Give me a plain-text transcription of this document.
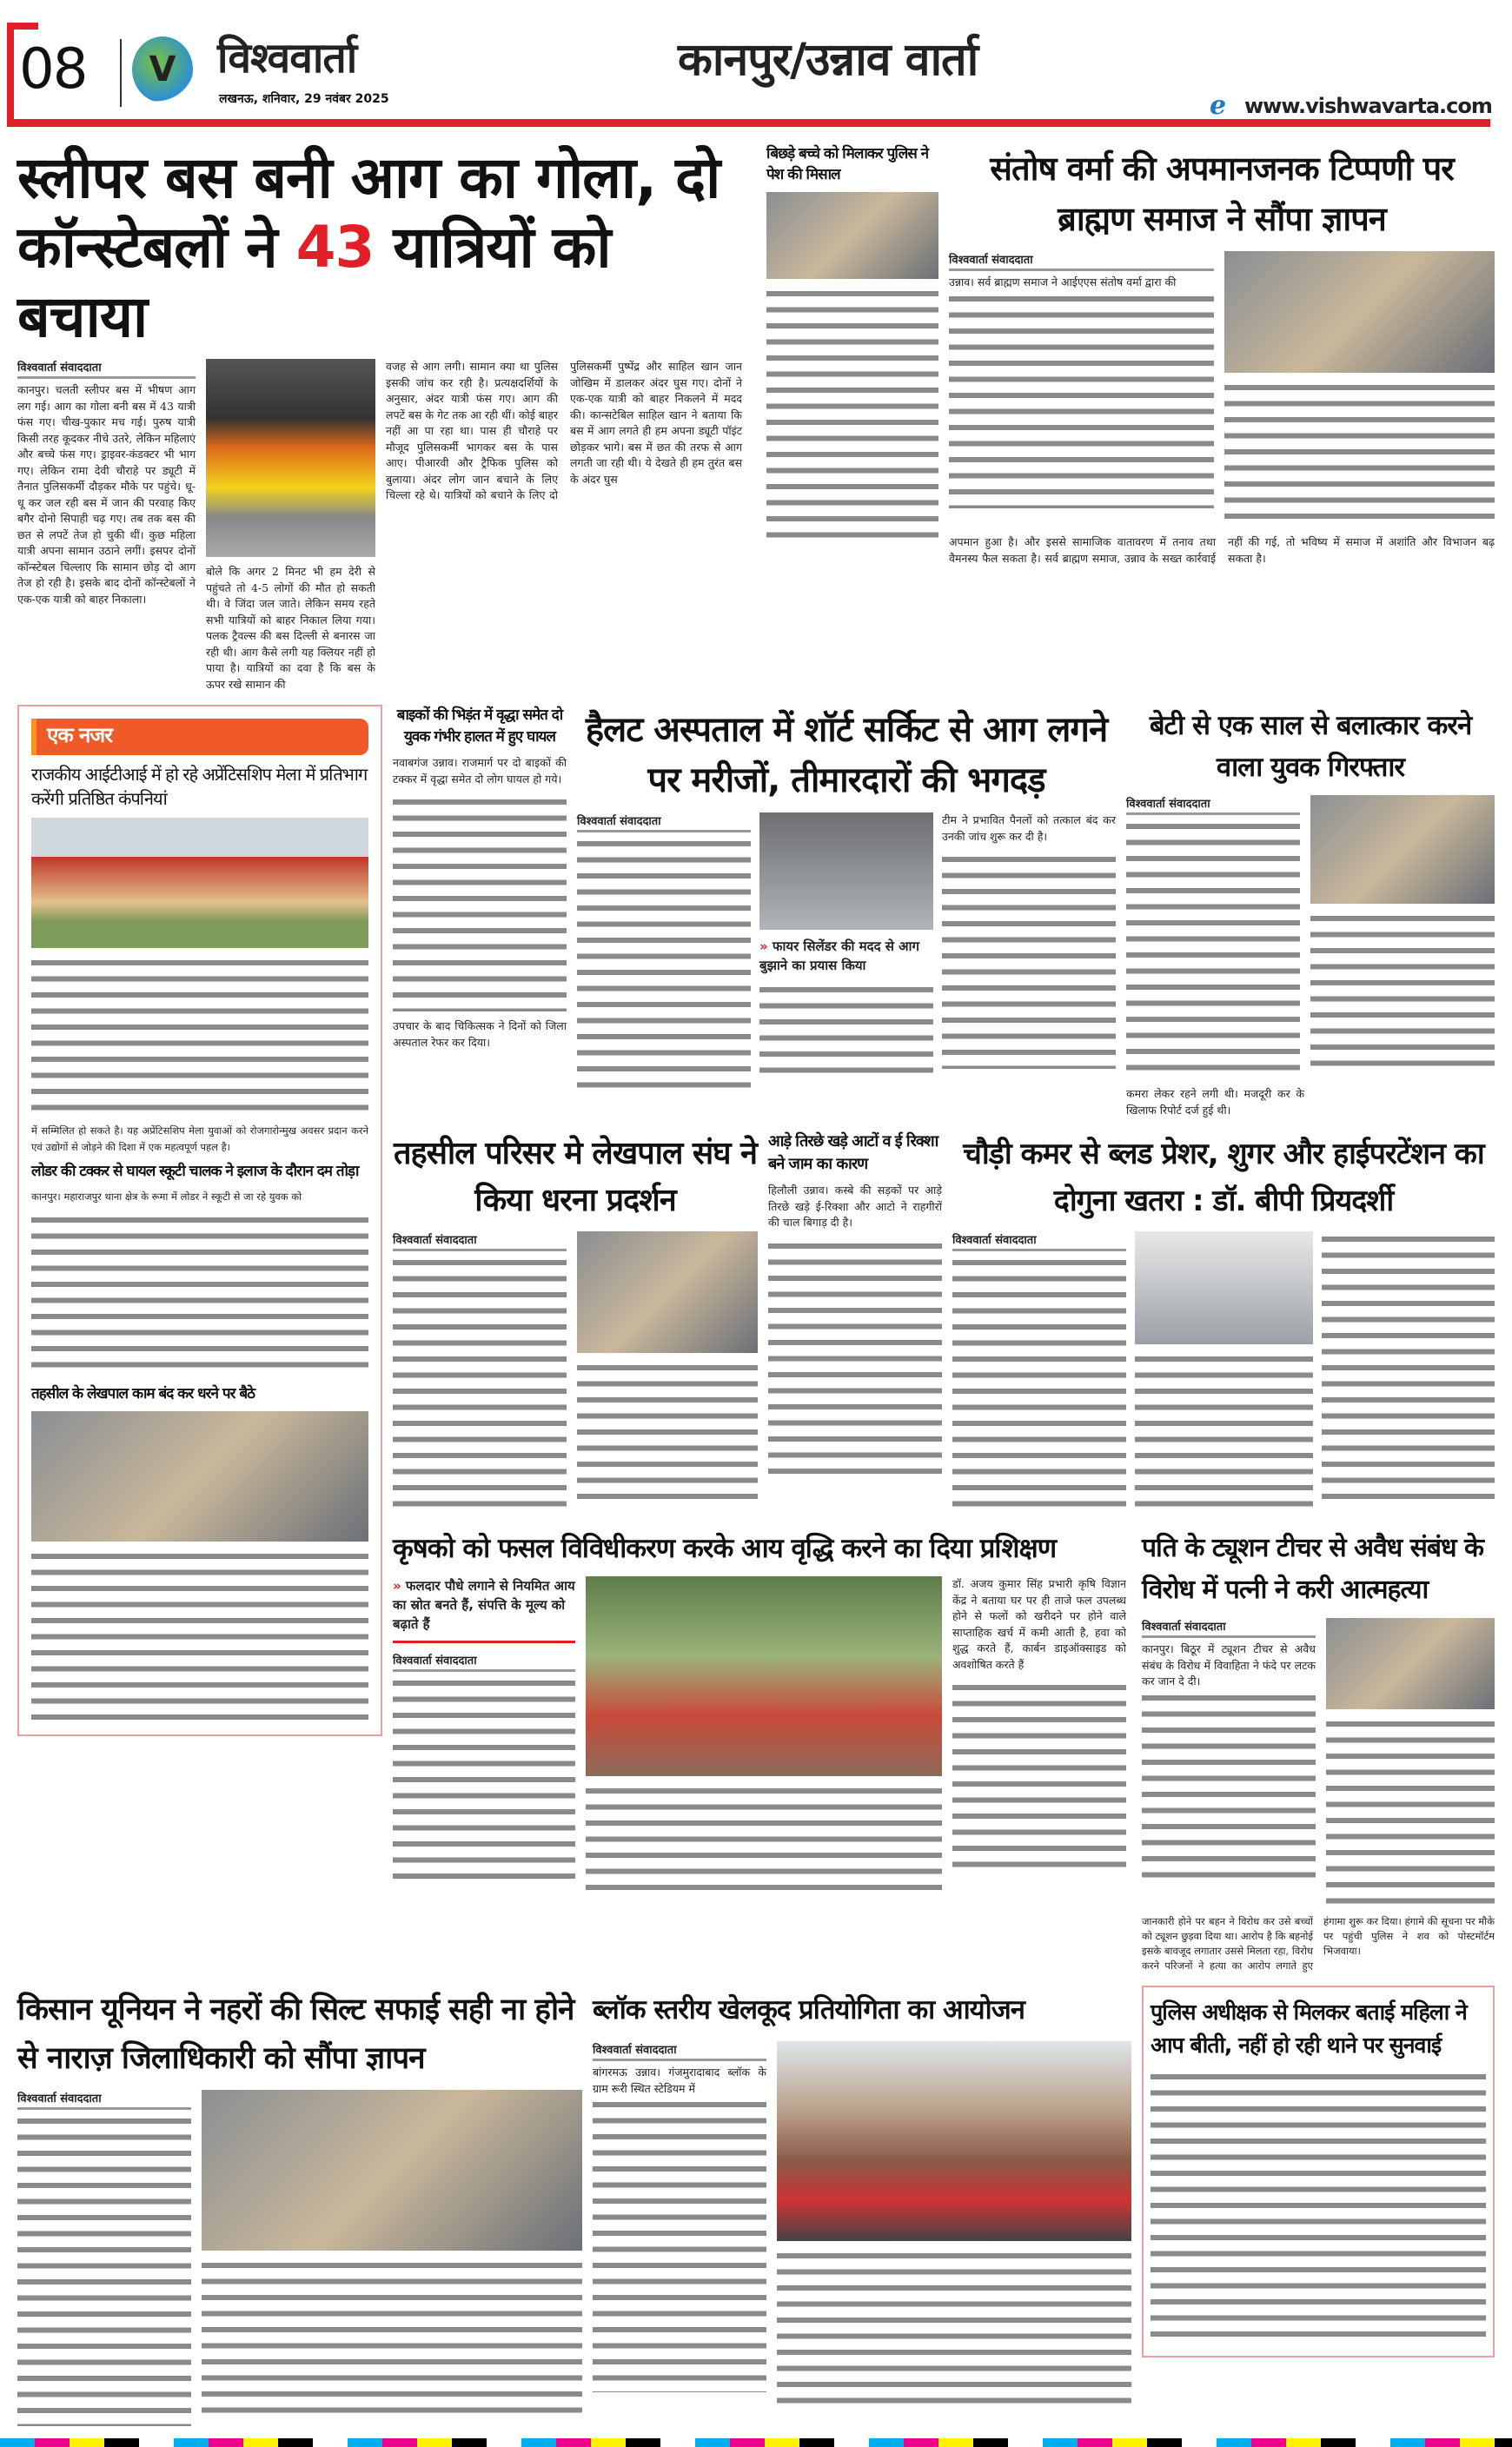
08	V विश्ववार्ता
लखनऊ, शनिवार, 29 नवंबर 2025
कानपुर/उन्नाव वार्ता
e www.vishwavarta.com
स्लीपर बस बनी आग का गोला, दो
कॉन्स्टेबलों ने 43 यात्रियों को बचाया
विश्ववार्ता संवाददाता
कानपुर। चलती स्लीपर बस में भीषण आग लग गई। आग का गोला बनी बस में 43 यात्री फंस गए। चीख-पुकार मच गई। पुरुष यात्री किसी तरह कूदकर नीचे उतरे, लेकिन महिलाएं और बच्चे फंस गए। ड्राइवर-कंडक्टर भी भाग गए। लेकिन रामा देवी चौराहे पर ड्यूटी में तैनात पुलिसकर्मी दौड़कर मौके पर पहुंचे। धू-धू कर जल रही बस में जान की परवाह किए बगैर दोनो सिपाही चढ़ गए। तब तक बस की छत से लपटें तेज हो चुकी थीं। कुछ महिला यात्री अपना सामान उठाने लगीं। इसपर दोनों कॉन्स्टेबल चिल्लाए कि सामान छोड़ दो आग तेज हो रही है। इसके बाद दोनों कॉन्स्टेबलों ने एक-एक यात्री को बाहर निकाला।
बोले कि अगर 2 मिनट भी हम देरी से पहुंचते तो 4-5 लोगों की मौत हो सकती थी। वे जिंदा जल जाते। लेकिन समय रहते सभी यात्रियों को बाहर निकाल लिया गया। पलक ट्रैवल्स की बस दिल्ली से बनारस जा रही थी। आग कैसे लगी यह क्लियर नहीं हो पाया है। यात्रियों का दवा है कि बस के ऊपर रखे सामान की
वजह से आग लगी। सामान क्या था पुलिस इसकी जांच कर रही है। प्रत्यक्षदर्शियों के अनुसार, अंदर यात्री फंस गए। आग की लपटें बस के गेट तक आ रही थीं। कोई बाहर नहीं आ पा रहा था। पास ही चौराहे पर मौजूद पुलिसकर्मी भागकर बस के पास आए। पीआरवी और ट्रैफिक पुलिस को बुलाया। अंदर लोग जान बचाने के लिए चिल्ला रहे थे। यात्रियों को बचाने के लिए दो पुलिसकर्मी पुष्पेंद्र और साहिल खान जान जोखिम में डालकर अंदर घुस गए। दोनों ने एक-एक यात्री को बाहर निकलने में मदद की। कान्सटेबिल साहिल खान ने बताया कि बस में आग लगते ही हम अपना ड्यूटी पॉइंट छोड़कर भागे। बस में छत की तरफ से आग लगती जा रही थी। ये देखते ही हम तुरंत बस के अंदर घुस
बिछड़े बच्चे को मिलाकर पुलिस ने पेश की मिसाल	संतोष वर्मा की अपमानजनक टिप्पणी पर ब्राह्मण समाज ने सौंपा ज्ञापन
विश्ववार्ता संवाददाता
उन्नाव। सर्व ब्राह्मण समाज ने आईएएस संतोष वर्मा द्वारा की
अपमान हुआ है। और इससे सामाजिक वातावरण में तनाव तथा वैमनस्य फैल सकता है। सर्व ब्राह्मण समाज, उन्नाव के सख्त कार्रवाई नहीं की गई, तो भविष्य में समाज में अशांति और विभाजन बढ़ सकता है।
एक नजर
राजकीय आईटीआई में हो रहे अप्रेंटिसशिप मेला में प्रतिभाग करेंगी प्रतिष्ठित कंपनियां
में सम्मिलित हो सकते है। यह अप्रेंटिसशिप मेला युवाओं को रोजगारोन्मुख अवसर प्रदान करने एवं उद्योगों से जोड़ने की दिशा में एक महत्वपूर्ण पहल है।
लोडर की टक्कर से घायल स्कूटी चालक ने इलाज के दौरान दम तोड़ा
कानपुर। महाराजपुर थाना क्षेत्र के रूमा में लोडर ने स्कूटी से जा रहे युवक को
तहसील के लेखपाल काम बंद कर धरने पर बैठे
बाइकों की भिड़ंत में वृद्धा समेत दो युवक गंभीर हालत में हुए घायल
नवाबगंज उन्नाव। राजमार्ग पर दो बाइकों की टक्कर में वृद्धा समेत दो लोग घायल हो गये।
उपचार के बाद चिकित्सक ने दिनों को जिला अस्पताल रेफर कर दिया।
हैलट अस्पताल में शॉर्ट सर्किट से आग लगने पर मरीजों, तीमारदारों की भगदड़
विश्ववार्ता संवाददाता
» फायर सिलेंडर की मदद से आग बुझाने का प्रयास किया
टीम ने प्रभावित पैनलों को तत्काल बंद कर उनकी जांच शुरू कर दी है।
बेटी से एक साल से बलात्कार करने वाला युवक गिरफ्तार
विश्ववार्ता संवाददाता
कमरा लेकर रहने लगी थी। मजदूरी कर के खिलाफ रिपोर्ट दर्ज हुई थी।
तहसील परिसर मे लेखपाल संघ ने किया धरना प्रदर्शन
विश्ववार्ता संवाददाता
आड़े तिरछे खड़े आटों व ई रिक्शा बने जाम का कारण
हिलौली उन्नाव। कस्बे की सड़कों पर आड़े तिरछे खड़े ई-रिक्शा और आटो ने राहगीरों की चाल बिगाड़ दी है।
चौड़ी कमर से ब्लड प्रेशर, शुगर और हाईपरटेंशन का दोगुना खतरा : डॉ. बीपी प्रियदर्शी
विश्ववार्ता संवाददाता
कृषको को फसल विविधीकरण करके आय वृद्धि करने का दिया प्रशिक्षण
» फलदार पौधे लगाने से नियमित आय का स्रोत बनते हैं, संपत्ति के मूल्य को बढ़ाते हैं
विश्ववार्ता संवाददाता
डॉ. अजय कुमार सिंह प्रभारी कृषि विज्ञान केंद्र ने बताया घर पर ही ताजे फल उपलब्ध होने से फलों को खरीदने पर होने वाले साप्ताहिक खर्च में कमी आती है, हवा को शुद्ध करते हैं, कार्बन डाइऑक्साइड को अवशोषित करते हैं
पति के ट्यूशन टीचर से अवैध संबंध के विरोध में पत्नी ने करी आत्महत्या
विश्ववार्ता संवाददाता
कानपुर। बिठूर में ट्यूशन टीचर से अवैध संबंध के विरोध में विवाहिता ने फंदे पर लटक कर जान दे दी।
जानकारी होने पर बहन ने विरोध कर उसे बच्चों को ट्यूशन छुड़वा दिया था। आरोप है कि बहनोई इसके बावजूद लगातार उससे मिलता रहा, विरोध करने परिजनों ने हत्या का आरोप लगाते हुए हंगामा शुरू कर दिया। हंगामे की सूचना पर मौके पर पहुंची पुलिस ने शव को पोस्टमॉर्टम भिजवाया।
किसान यूनियन ने नहरों की सिल्ट सफाई सही ना होने से नाराज़ जिलाधिकारी को सौंपा ज्ञापन
विश्ववार्ता संवाददाता
ब्लॉक स्तरीय खेलकूद प्रतियोगिता का आयोजन
विश्ववार्ता संवाददाता
बांगरमऊ उन्नाव। गंजमुरादाबाद ब्लॉक के ग्राम रूरी स्थित स्टेडियम में
पुलिस अधीक्षक से मिलकर बताई महिला ने आप बीती, नहीं हो रही थाने पर सुनवाई
